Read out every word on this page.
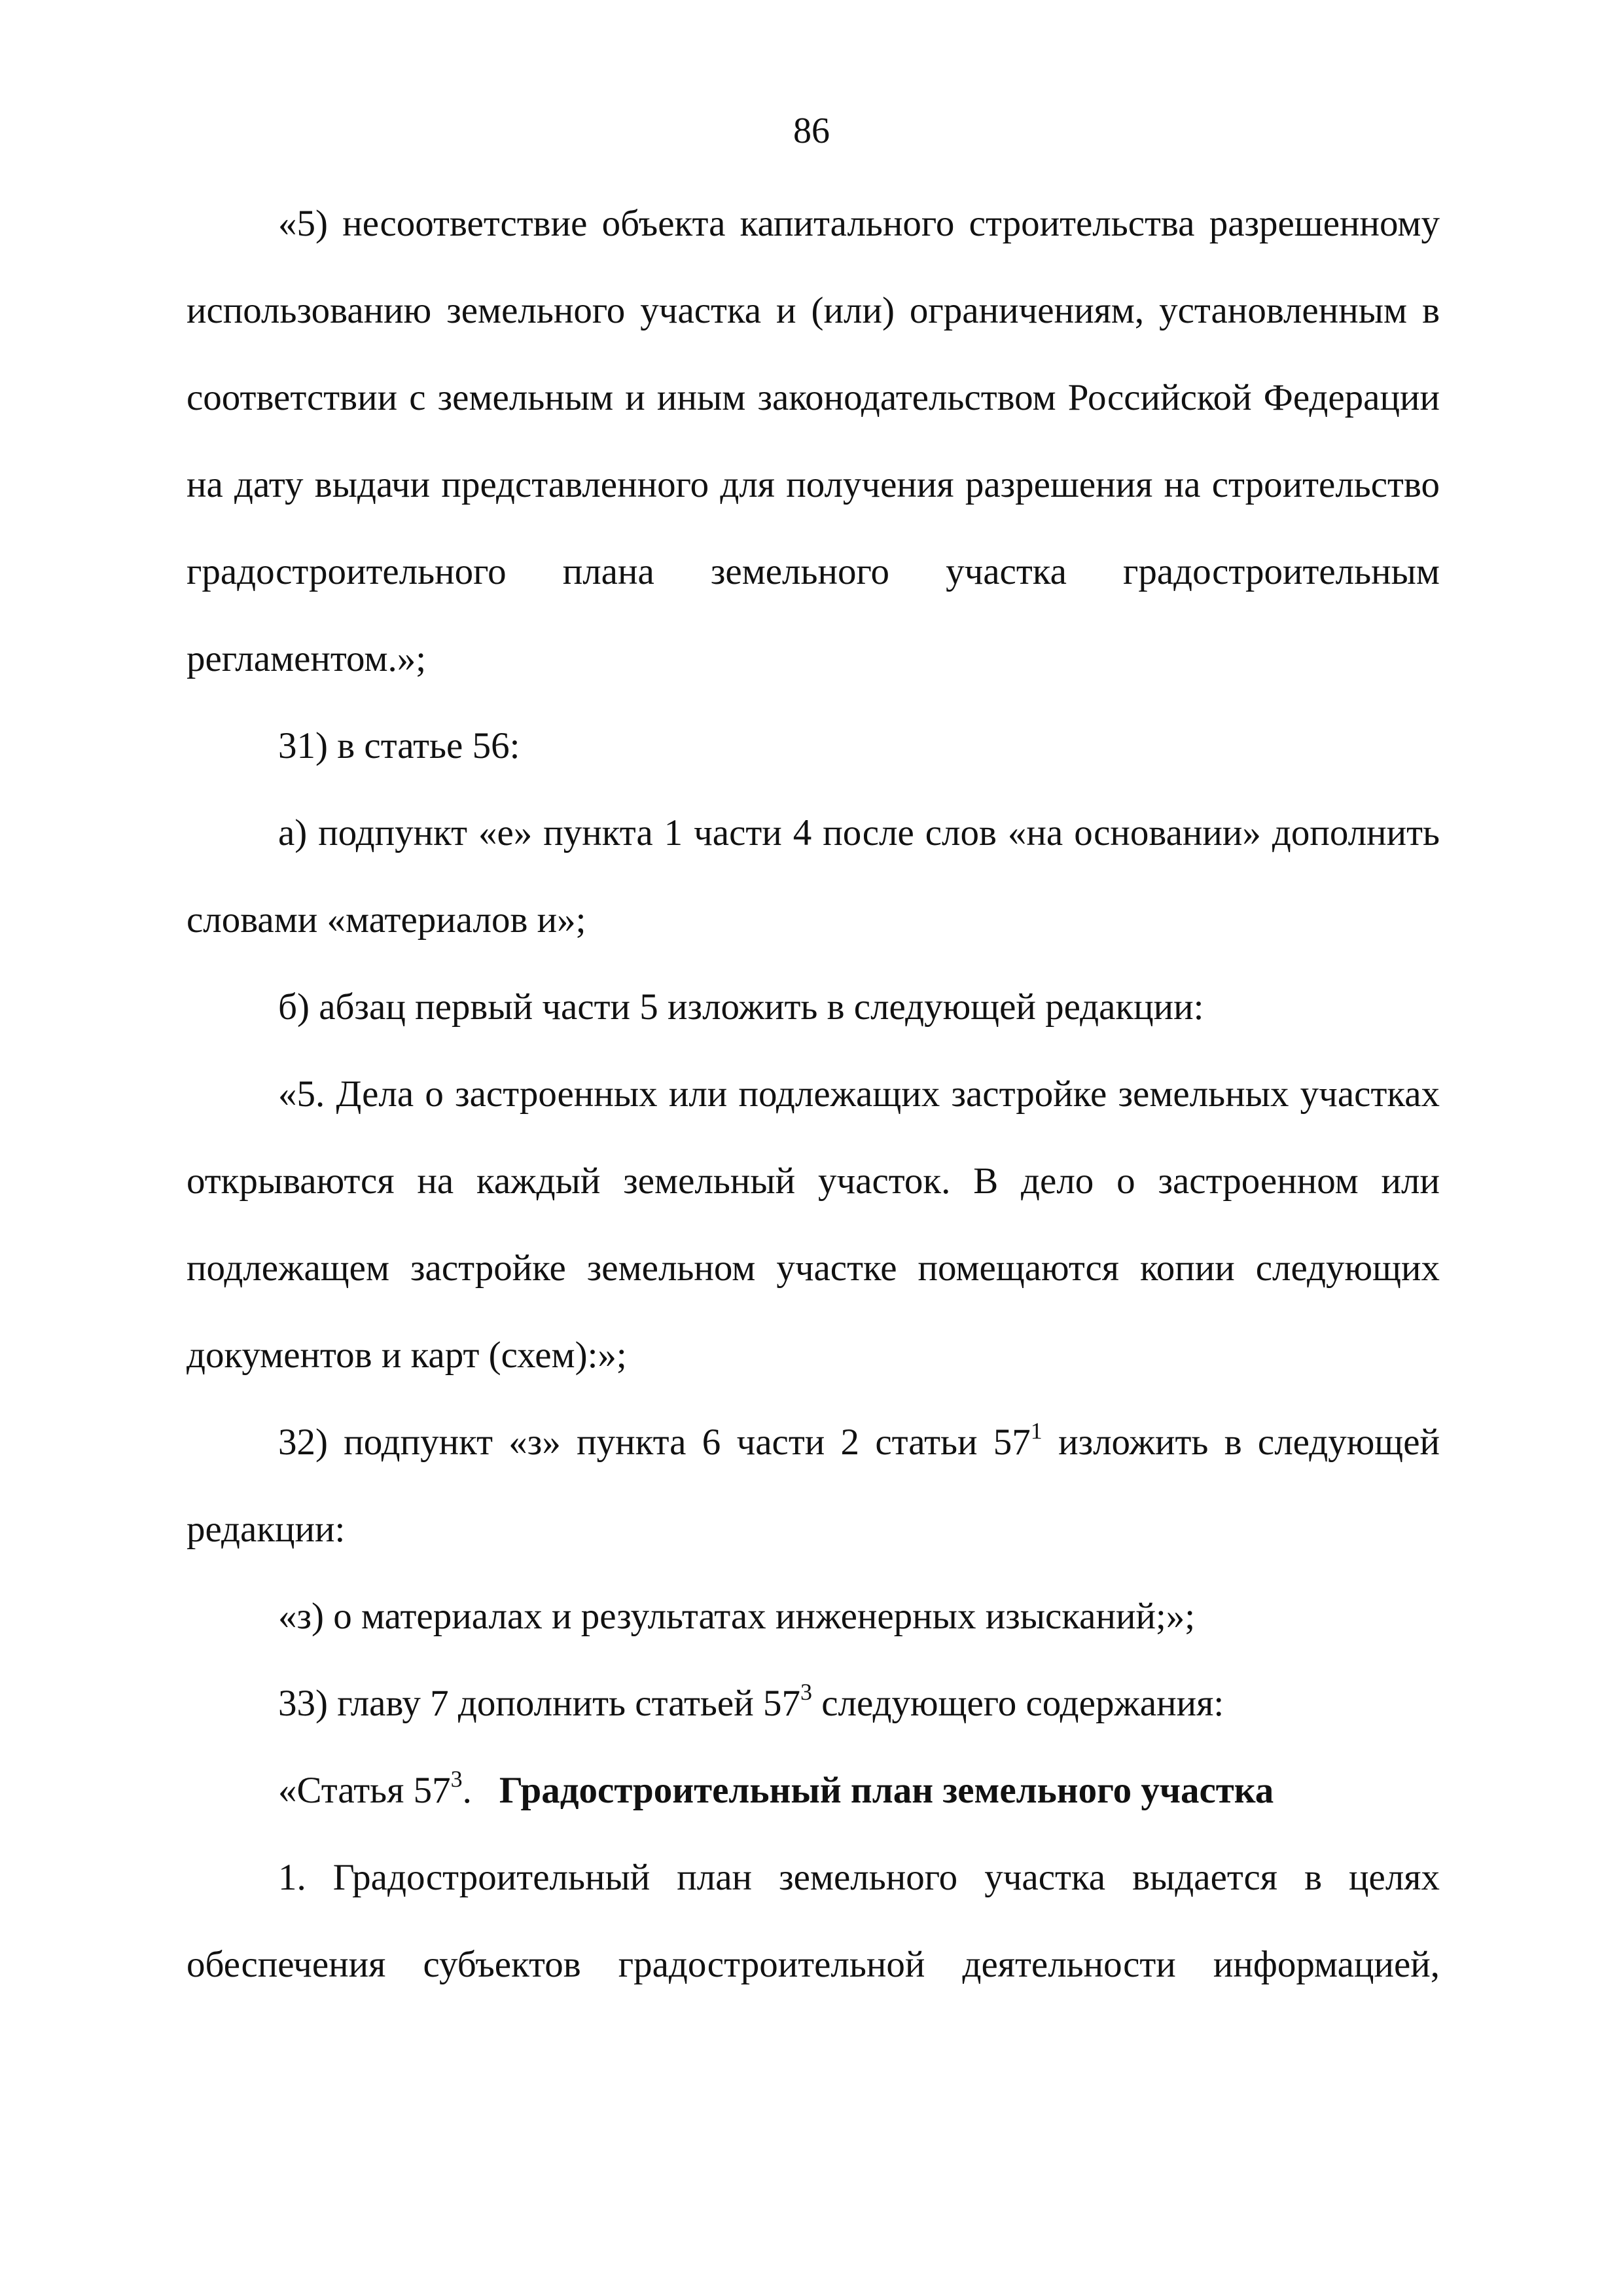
86

«5) несоответствие объекта капитального строительства разрешенному использованию земельного участка и (или) ограничениям, установленным в соответствии с земельным и иным законодательством Российской Федерации на дату выдачи представленного для получения разрешения на строительство градостроительного плана земельного участка градостроительным регламентом.»;

31) в статье 56:

а) подпункт «е» пункта 1 части 4 после слов «на основании» дополнить словами «материалов и»;

б) абзац первый части 5 изложить в следующей редакции:

«5. Дела о застроенных или подлежащих застройке земельных участках открываются на каждый земельный участок. В дело о застроенном или подлежащем застройке земельном участке помещаются копии следующих документов и карт (схем):»;

32) подпункт «з» пункта 6 части 2 статьи $57^1$ изложить в следующей редакции:

«з) о материалах и результатах инженерных изысканий;»;

33) главу 7 дополнить статьей $57^3$ следующего содержания:

«Статья $57^3$. Градостроительный план земельного участка

1. Градостроительный план земельного участка выдается в целях обеспечения субъектов градостроительной деятельности информацией,
